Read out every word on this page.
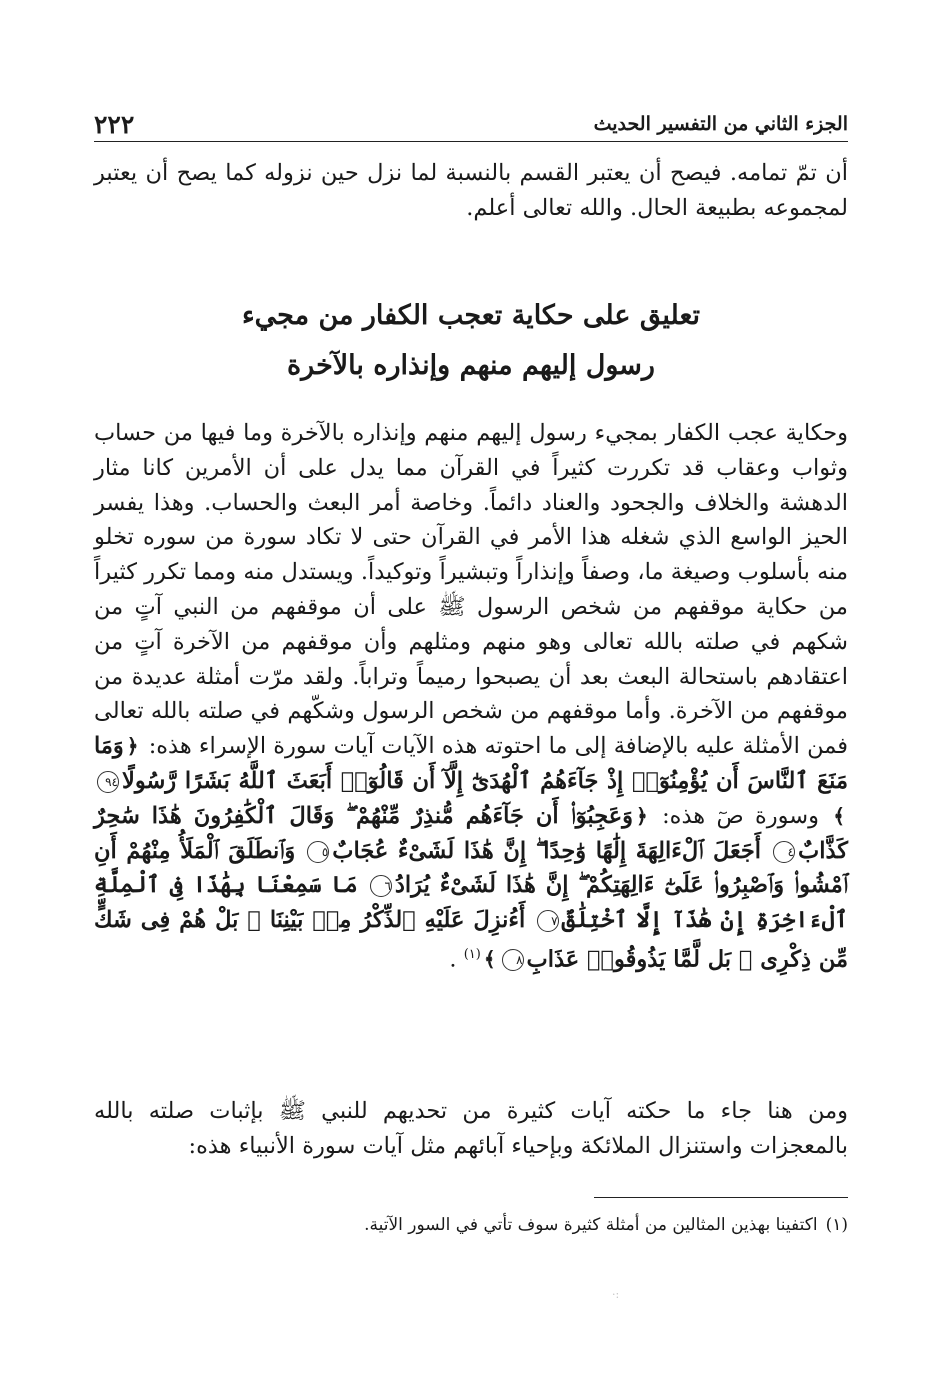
٢٢٢	الجزء الثاني من التفسير الحديث
أن تمّ تمامه. فيصح أن يعتبر القسم بالنسبة لما نزل حين نزوله كما يصح أن يعتبر لمجموعه بطبيعة الحال. والله تعالى أعلم.
تعليق على حكاية تعجب الكفار من مجيء
رسول إليهم منهم وإنذاره بالآخرة
وحكاية عجب الكفار بمجيء رسول إليهم منهم وإنذاره بالآخرة وما فيها من حساب وثواب وعقاب قد تكررت كثيراً في القرآن مما يدل على أن الأمرين كانا مثار الدهشة والخلاف والجحود والعناد دائماً. وخاصة أمر البعث والحساب. وهذا يفسر الحيز الواسع الذي شغله هذا الأمر في القرآن حتى لا تكاد سورة من سوره تخلو منه بأسلوب وصيغة ما، وصفاً وإنذاراً وتبشيراً وتوكيداً. ويستدل منه ومما تكرر كثيراً من حكاية موقفهم من شخص الرسول ﷺ على أن موقفهم من النبي آتٍ من شكهم في صلته بالله تعالى وهو منهم ومثلهم وأن موقفهم من الآخرة آتٍ من اعتقادهم باستحالة البعث بعد أن يصبحوا رميماً وتراباً. ولقد مرّت أمثلة عديدة من موقفهم من الآخرة. وأما موقفهم من شخص الرسول وشكّهم في صلته بالله تعالى فمن الأمثلة عليه بالإضافة إلى ما احتوته هذه الآيات آيات سورة الإسراء هذه: ﴿وَمَا مَنَعَ ٱلنَّاسَ أَن يُؤْمِنُوٓا۟ إِذْ جَآءَهُمُ ٱلْهُدَىٰٓ إِلَّآ أَن قَالُوٓا۟ أَبَعَثَ ٱللَّهُ بَشَرًا رَّسُولًا٩٤﴾ وسورة صٓ هذه: ﴿وَعَجِبُوٓا۟ أَن جَآءَهُم مُّنذِرٌ مِّنْهُمْ ۖ وَقَالَ ٱلْكَٰفِرُونَ هَٰذَا سَٰحِرٌ كَذَّابٌ٤ أَجَعَلَ ٱلْءَالِهَةَ إِلَٰهًا وَٰحِدًا ۖ إِنَّ هَٰذَا لَشَىْءٌ عُجَابٌ٥ وَٱنطَلَقَ ٱلْمَلَأُ مِنْهُمْ أَنِ ٱمْشُوا۟ وَٱصْبِرُوا۟ عَلَىٰٓ ءَالِهَتِكُمْ ۖ إِنَّ هَٰذَا لَشَىْءٌ يُرَادُ٦ مَا سَمِعْنَا بِهَٰذَا فِى ٱلْمِلَّةِ ٱلْءَاخِرَةِ إِنْ هَٰذَآ إِلَّا ٱخْتِلَٰقٌ٧ أَءُنزِلَ عَلَيْهِ ٱلذِّكْرُ مِنۢ بَيْنِنَا ۚ بَلْ هُمْ فِى شَكٍّ مِّن ذِكْرِى ۖ بَل لَّمَّا يَذُوقُوا۟ عَذَابِ٨﴾$^{(١)}$ .
ومن هنا جاء ما حكته آيات كثيرة من تحديهم للنبي ﷺ بإثبات صلته بالله بالمعجزات واستنزال الملائكة وبإحياء آبائهم مثل آيات سورة الأنبياء هذه:
(١)اكتفينا بهذين المثالين من أمثلة كثيرة سوف تأتي في السور الآتية.
·:
